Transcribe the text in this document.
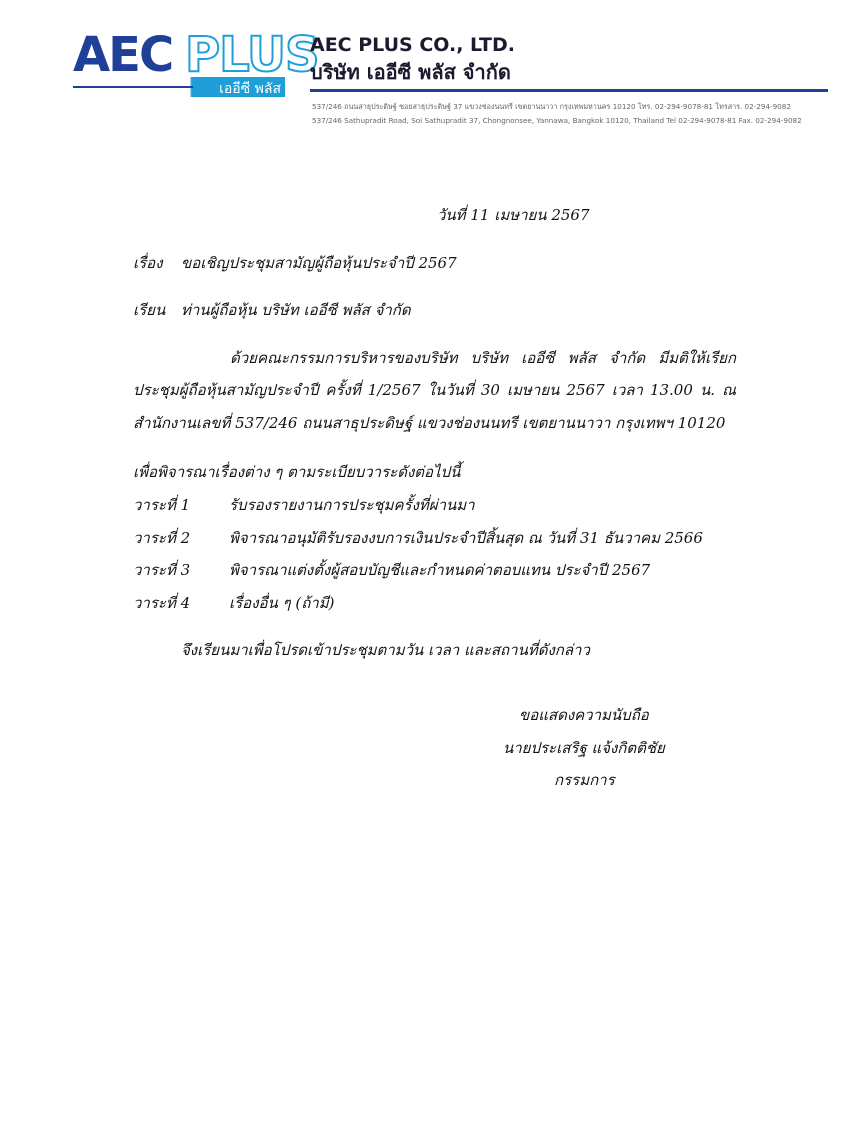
AEC PLUS
เออีซี พลัส
AEC PLUS CO., LTD.
บริษัท เออีซี พลัส จำกัด
537/246 ถนนสาธุประดิษฐ์ ซอยสาธุประดิษฐ์ 37 แขวงช่องนนทรี เขตยานนาวา กรุงเทพมหานคร 10120 โทร. 02-294-9078-81 โทรสาร. 02-294-9082
537/246 Sathupradit Road, Soi Sathupradit 37, Chongnonsee, Yannawa, Bangkok 10120, Thailand Tel 02-294-9078-81 Fax. 02-294-9082
วันที่ 11 เมษายน 2567
เรื่อง ขอเชิญประชุมสามัญผู้ถือหุ้นประจำปี 2567
เรียน ท่านผู้ถือหุ้น บริษัท เออีซี พลัส จำกัด
ด้วยคณะกรรมการบริหารของบริษัท บริษัท เออีซี พลัส จำกัด มีมติให้เรียก
ประชุมผู้ถือหุ้นสามัญประจำปี ครั้งที่ 1/2567 ในวันที่ 30 เมษายน 2567 เวลา 13.00 น. ณ
สำนักงานเลขที่ 537/246 ถนนสาธุประดิษฐ์ แขวงช่องนนทรี เขตยานนาวา กรุงเทพฯ 10120
เพื่อพิจารณาเรื่องต่าง ๆ ตามระเบียบวาระดังต่อไปนี้
วาระที่ 1	รับรองรายงานการประชุมครั้งที่ผ่านมา
วาระที่ 2	พิจารณาอนุมัติรับรองงบการเงินประจำปีสิ้นสุด ณ วันที่ 31 ธันวาคม 2566
วาระที่ 3	พิจารณาแต่งตั้งผู้สอบบัญชีและกำหนดค่าตอบแทน ประจำปี 2567
วาระที่ 4	เรื่องอื่น ๆ (ถ้ามี)
จึงเรียนมาเพื่อโปรดเข้าประชุมตามวัน เวลา และสถานที่ดังกล่าว
ขอแสดงความนับถือ
นายประเสริฐ แจ้งกิตติชัย
กรรมการ
